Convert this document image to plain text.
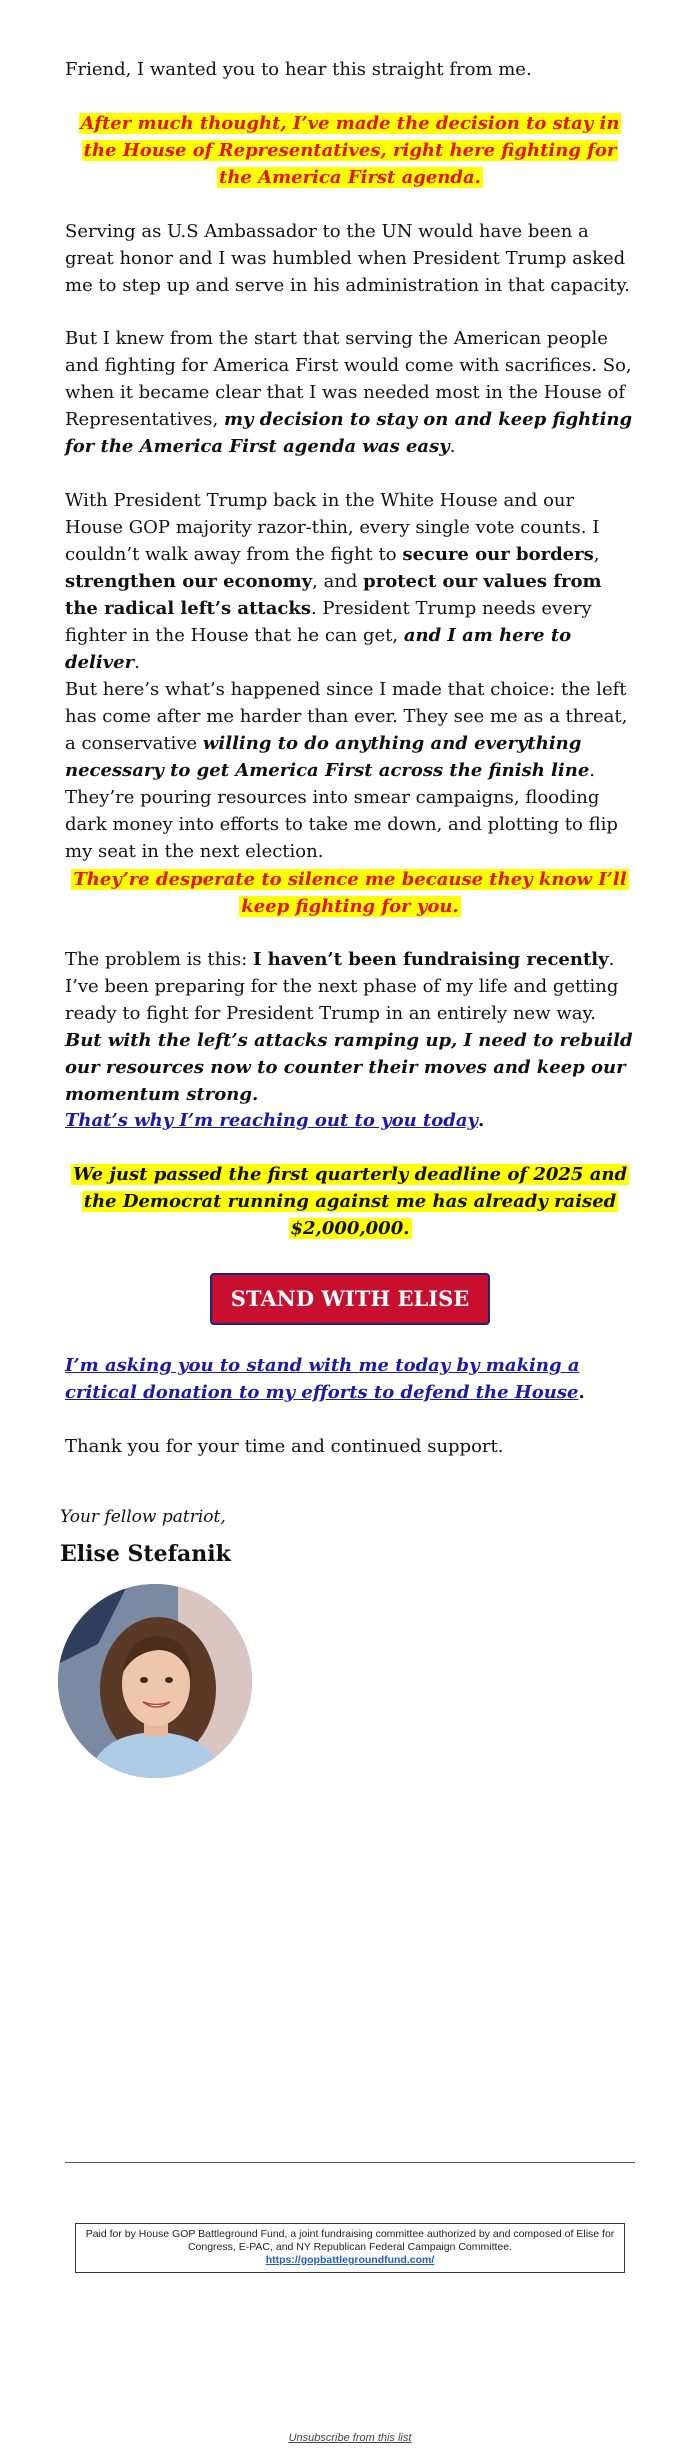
Friend, I wanted you to hear this straight from me.

After much thought, I’ve made the decision to stay in the House of Representatives, right here fighting for the America First agenda.

Serving as U.S Ambassador to the UN would have been a great honor and I was humbled when President Trump asked me to step up and serve in his administration in that capacity.

But I knew from the start that serving the American people and fighting for America First would come with sacrifices. So, when it became clear that I was needed most in the House of Representatives, my decision to stay on and keep fighting for the America First agenda was easy.

With President Trump back in the White House and our House GOP majority razor-thin, every single vote counts. I couldn’t walk away from the fight to secure our borders, strengthen our economy, and protect our values from the radical left’s attacks. President Trump needs every fighter in the House that he can get, and I am here to deliver.

But here’s what’s happened since I made that choice: the left has come after me harder than ever. They see me as a threat, a conservative willing to do anything and everything necessary to get America First across the finish line. They’re pouring resources into smear campaigns, flooding dark money into efforts to take me down, and plotting to flip my seat in the next election.

They’re desperate to silence me because they know I’ll keep fighting for you.

The problem is this: I haven’t been fundraising recently. I’ve been preparing for the next phase of my life and getting ready to fight for President Trump in an entirely new way. But with the left’s attacks ramping up, I need to rebuild our resources now to counter their moves and keep our momentum strong.

That’s why I’m reaching out to you today.

We just passed the first quarterly deadline of 2025 and the Democrat running against me has already raised $2,000,000.

STAND WITH ELISE

I’m asking you to stand with me today by making a critical donation to my efforts to defend the House.

Thank you for your time and continued support.

Your fellow patriot,

Elise Stefanik

Paid for by House GOP Battleground Fund, a joint fundraising committee authorized by and composed of Elise for Congress, E-PAC, and NY Republican Federal Campaign Committee.
https://gopbattlegroundfund.com/
Unsubscribe from this list
